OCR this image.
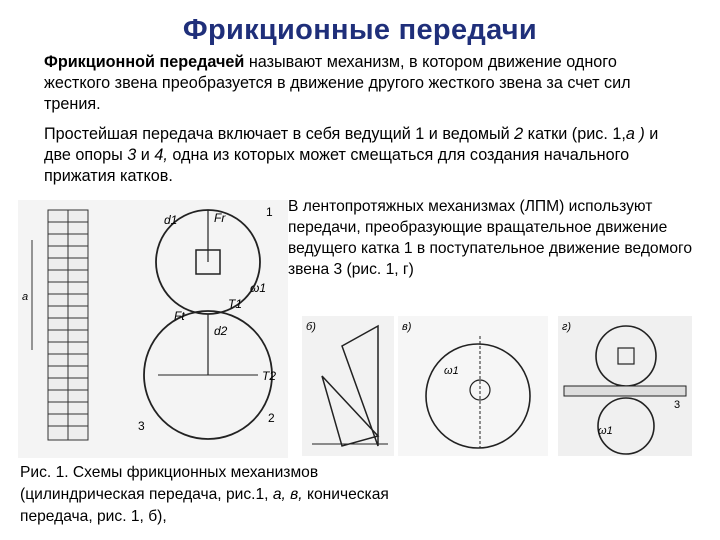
Фрикционные передачи
Фрикционной передачей называют механизм, в котором движение одного жесткого звена преобразуется в движение другого жесткого звена за счет сил трения.
Простейшая передача включает в себя ведущий 1 и ведомый 2 катки (рис. 1,а ) и две опоры 3 и 4, одна из которых может смещаться для создания начального прижатия катков.
В лентопротяжных механизмах (ЛПМ) используют передачи, преобразующие вращательное движение ведущего катка 1 в поступательное движение ведомого звена 3 (рис. 1, г)
a
Fr
ω1
T1
d1
Ft
d2
T2
3
2
1
б)	в)
ω1
г)
ω1
3
Рис. 1. Схемы фрикционных механизмов (цилиндрическая передача, рис.1, а, в, коническая передача, рис. 1, б),
